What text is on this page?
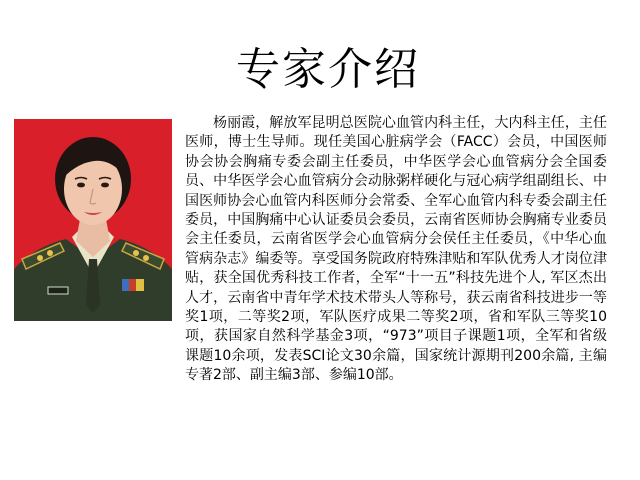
专家介绍

杨丽霞，解放军昆明总医院心血管内科主任，大内科主任，主任医师，博士生导师。现任美国心脏病学会（FACC）会员，中国医师协会协会胸痛专委会副主任委员，中华医学会心血管病分会全国委员、中华医学会心血管病分会动脉粥样硬化与冠心病学组副组长、中国医师协会心血管内科医师分会常委、全军心血管内科专委会副主任委员，中国胸痛中心认证委员会委员，云南省医师协会胸痛专业委员会主任委员，云南省医学会心血管病分会侯任主任委员，《中华心血管病杂志》编委等。享受国务院政府特殊津贴和军队优秀人才岗位津贴，获全国优秀科技工作者，全军“十一五”科技先进个人, 军区杰出人才，云南省中青年学术技术带头人等称号，获云南省科技进步一等奖1项，二等奖2项，军队医疗成果二等奖2项，省和军队三等奖10项，获国家自然科学基金3项，“973”项目子课题1项，全军和省级课题10余项，发表SCI论文30余篇，国家统计源期刊200余篇, 主编专著2部、副主编3部、参编10部。
